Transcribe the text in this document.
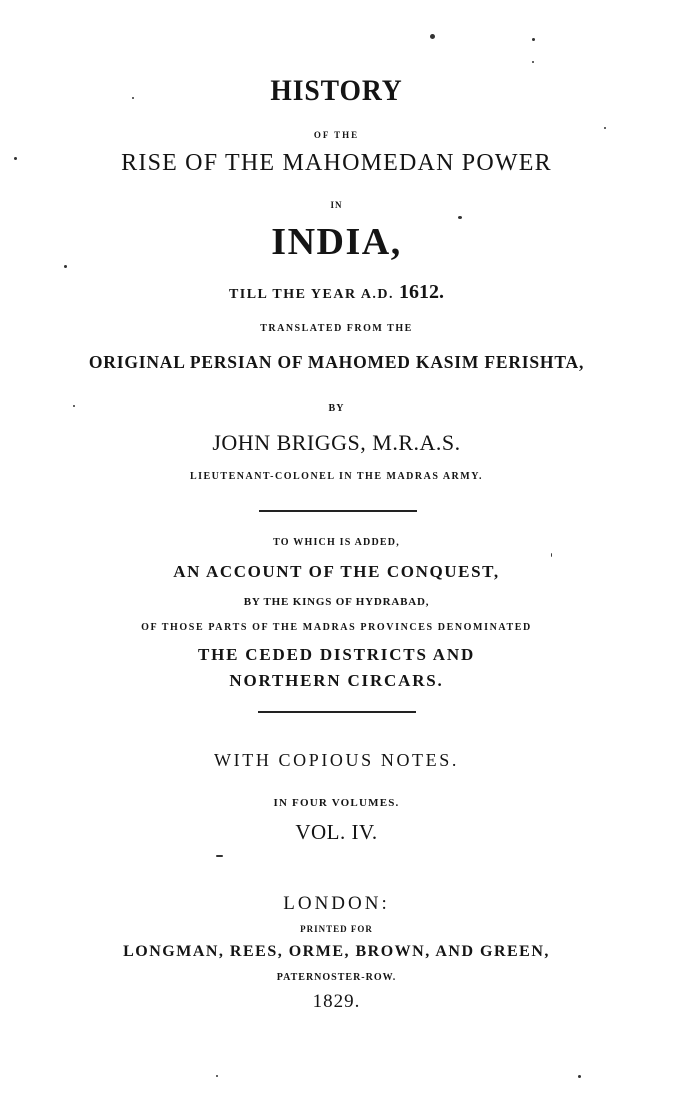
HISTORY
OF THE
RISE OF THE MAHOMEDAN POWER
IN
INDIA,
TILL THE YEAR A.D. 1612.
TRANSLATED FROM THE
ORIGINAL PERSIAN OF MAHOMED KASIM FERISHTA,
BY
JOHN BRIGGS, M.R.A.S.
LIEUTENANT-COLONEL IN THE MADRAS ARMY.
TO WHICH IS ADDED,
AN ACCOUNT OF THE CONQUEST,
BY THE KINGS OF HYDRABAD,
OF THOSE PARTS OF THE MADRAS PROVINCES DENOMINATED
THE CEDED DISTRICTS AND
NORTHERN CIRCARS.
WITH COPIOUS NOTES.
IN FOUR VOLUMES.
VOL. IV.
LONDON:
PRINTED FOR
LONGMAN, REES, ORME, BROWN, AND GREEN,
PATERNOSTER-ROW.
1829.
